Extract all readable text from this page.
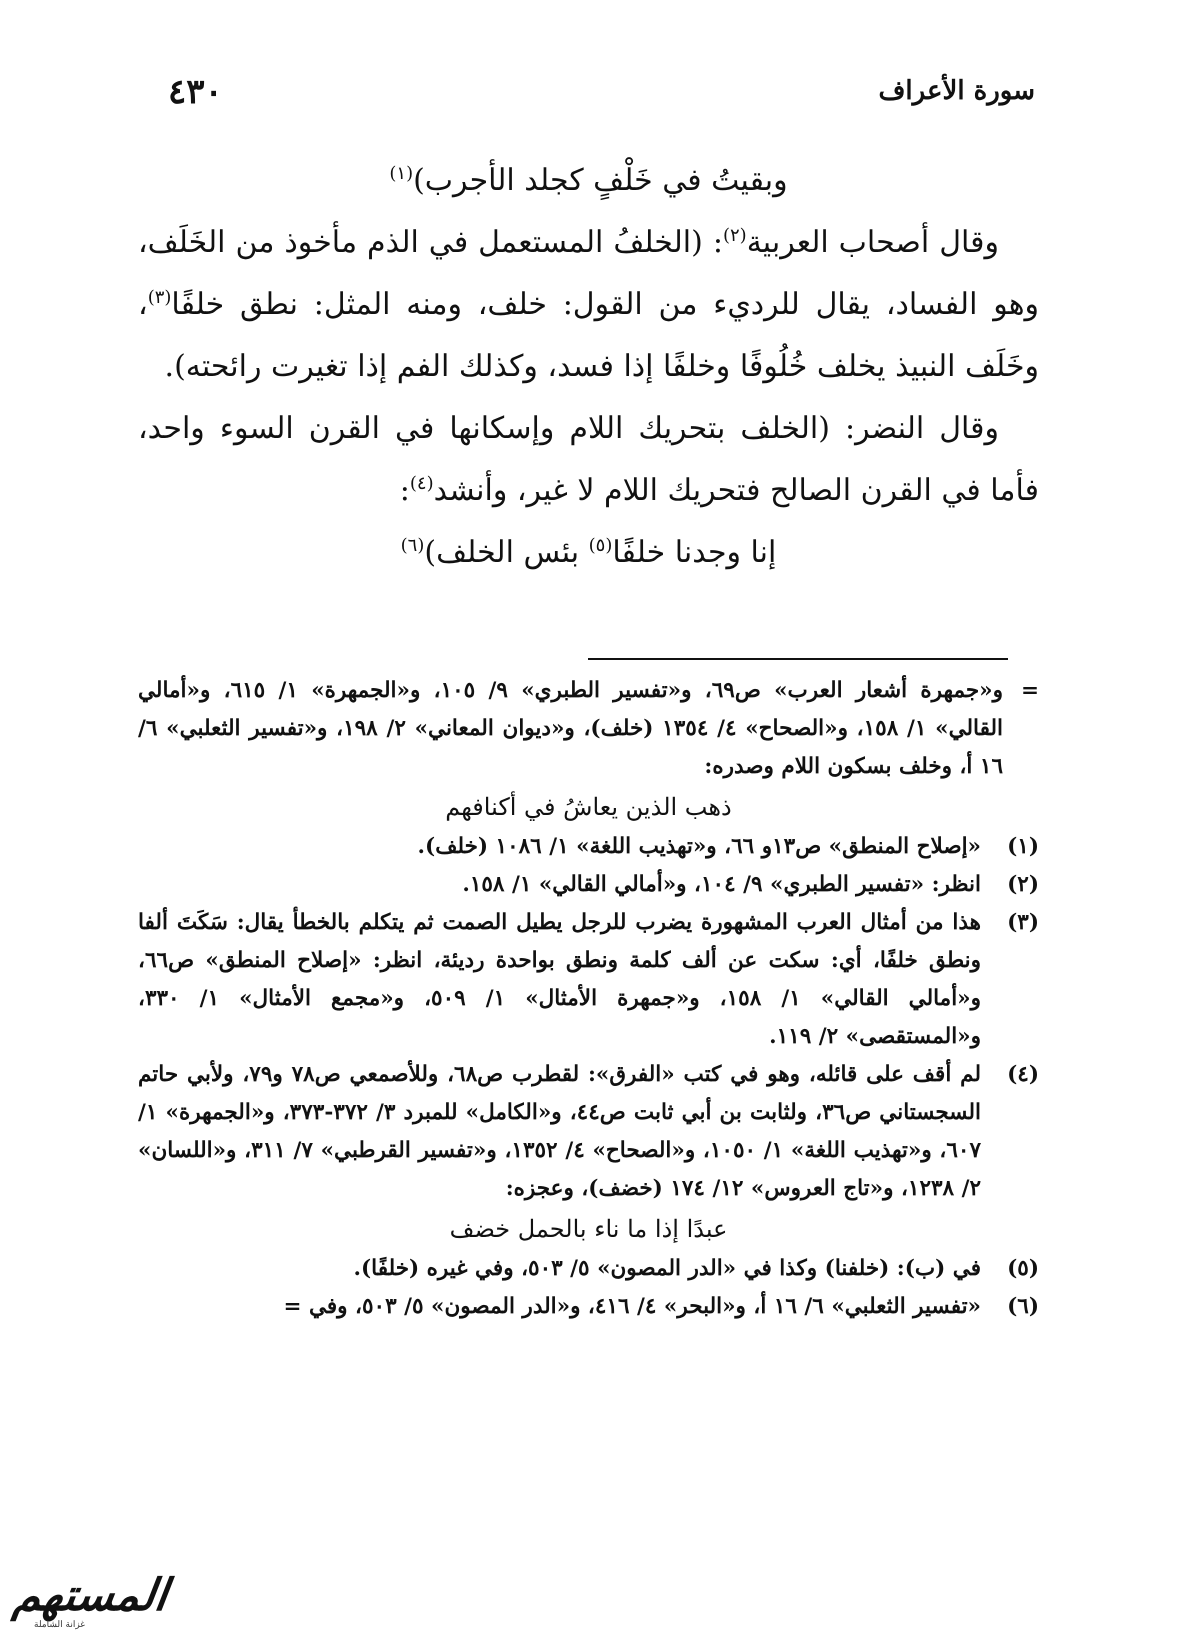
سورة الأعراف
٤٣٠
وبقيتُ في خَلْفٍ كجلد الأجرب)$^{(١)}$

وقال أصحاب العربية$^{(٢)}$: (الخلفُ المستعمل في الذم مأخوذ من الخَلَف، وهو الفساد، يقال للرديء من القول: خلف، ومنه المثل: نطق خلفًا$^{(٣)}$، وخَلَف النبيذ يخلف خُلُوفًا وخلفًا إذا فسد، وكذلك الفم إذا تغيرت رائحته).

وقال النضر: (الخلف بتحريك اللام وإسكانها في القرن السوء واحد، فأما في القرن الصالح فتحريك اللام لا غير، وأنشد$^{(٤)}$:

إنا وجدنا خلفًا$^{(٥)}$ بئس الخلف)$^{(٦)}$
=
و«جمهرة أشعار العرب» ص٦٩، و«تفسير الطبري» ٩/ ١٠٥، و«الجمهرة» ١/ ٦١٥، و«أمالي القالي» ١/ ١٥٨، و«الصحاح» ٤/ ١٣٥٤ (خلف)، و«ديوان المعاني» ٢/ ١٩٨، و«تفسير الثعلبي» ٦/ ١٦ أ، وخلف بسكون اللام وصدره:
ذهب الذين يعاشُ في أكنافهم

(١)
«إصلاح المنطق» ص١٣و ٦٦، و«تهذيب اللغة» ١/ ١٠٨٦ (خلف).

(٢)
انظر: «تفسير الطبري» ٩/ ١٠٤، و«أمالي القالي» ١/ ١٥٨.

(٣)
هذا من أمثال العرب المشهورة يضرب للرجل يطيل الصمت ثم يتكلم بالخطأ يقال: سَكَتَ ألفا ونطق خلفًا، أي: سكت عن ألف كلمة ونطق بواحدة رديئة، انظر: «إصلاح المنطق» ص٦٦، و«أمالي القالي» ١/ ١٥٨، و«جمهرة الأمثال» ١/ ٥٠٩، و«مجمع الأمثال» ١/ ٣٣٠، و«المستقصى» ٢/ ١١٩.

(٤)
لم أقف على قائله، وهو في كتب «الفرق»: لقطرب ص٦٨، وللأصمعي ص٧٨ و٧٩، ولأبي حاتم السجستاني ص٣٦، ولثابت بن أبي ثابت ص٤٤، و«الكامل» للمبرد ٣/ ٣٧٢-٣٧٣، و«الجمهرة» ١/ ٦٠٧، و«تهذيب اللغة» ١/ ١٠٥٠، و«الصحاح» ٤/ ١٣٥٢، و«تفسير القرطبي» ٧/ ٣١١، و«اللسان» ٢/ ١٢٣٨، و«تاج العروس» ١٢/ ١٧٤ (خضف)، وعجزه:

عبدًا إذا ما ناء بالحمل خضف

(٥)
في (ب): (خلفنا) وكذا في «الدر المصون» ٥/ ٥٠٣، وفي غيره (خلفًا).

(٦)
«تفسير الثعلبي» ٦/ ١٦ أ، و«البحر» ٤/ ٤١٦، و«الدر المصون» ٥/ ٥٠٣، وفي =

المستهم
غزانة الشاملة
